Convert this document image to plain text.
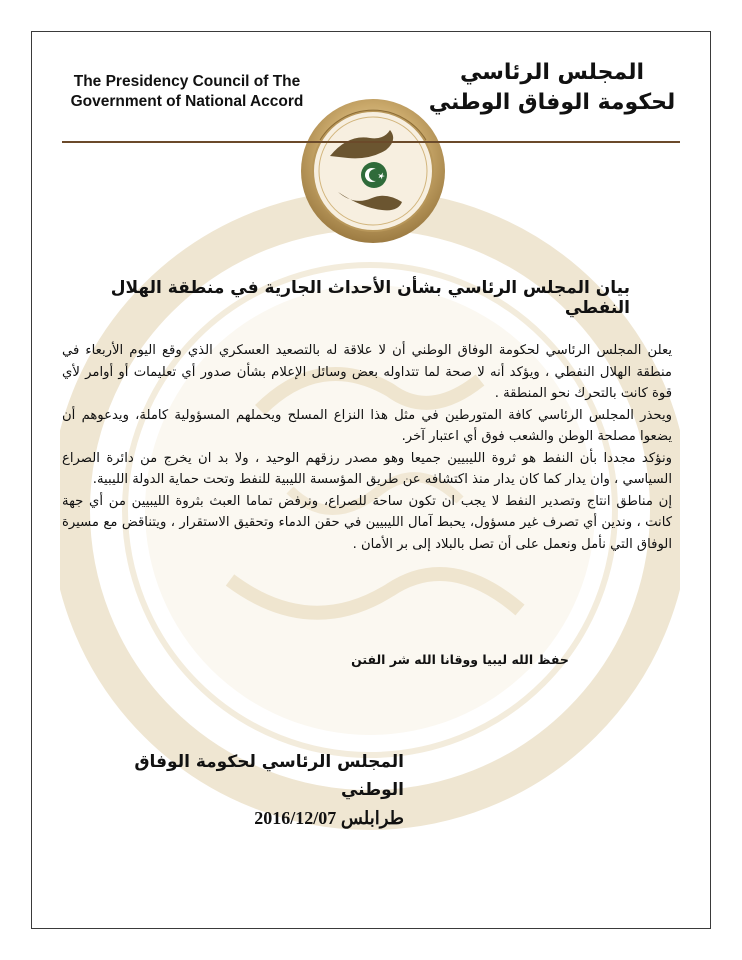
The Presidency Council of The
Government of National Accord
المجلس الرئاسي
لحكومة الوفاق الوطني
بيان المجلس الرئاسي بشأن الأحداث الجارية في منطقة الهلال النفطي

يعلن المجلس الرئاسي لحكومة الوفاق الوطني أن لا علاقة له بالتصعيد العسكري الذي وقع اليوم الأربعاء في منطقة الهلال النفطي ، ويؤكد أنه لا صحة لما تتداوله بعض وسائل الإعلام بشأن صدور أي تعليمات أو أوامر لأي قوة كانت بالتحرك نحو المنطقة .

ويحذر المجلس الرئاسي كافة المتورطين في مثل هذا النزاع المسلح ويحملهم المسؤولية كاملة، ويدعوهم أن يضعوا مصلحة الوطن والشعب فوق أي اعتبار آخر.

ونؤكد مجددا بأن النفط هو ثروة الليبيين جميعا وهو مصدر رزقهم الوحيد ، ولا بد ان يخرج من دائرة الصراع السياسي ، وان يدار كما كان يدار منذ اكتشافه عن طريق المؤسسة الليبية للنفط وتحت حماية الدولة الليبية.

إن مناطق انتاج وتصدير النفط لا يجب ان تكون ساحة للصراع، ونرفض تماما العبث بثروة الليبيين من أي جهة كانت ، وندين أي تصرف غير مسؤول، يحبط آمال الليبيين في حقن الدماء وتحقيق الاستقرار ، ويتناقض مع مسيرة الوفاق التي نأمل ونعمل على أن تصل بالبلاد إلى بر الأمان .

حفظ الله ليبيا ووقانا الله شر الفتن
المجلس الرئاسي لحكومة الوفاق الوطني
طرابلس 2016/12/07
